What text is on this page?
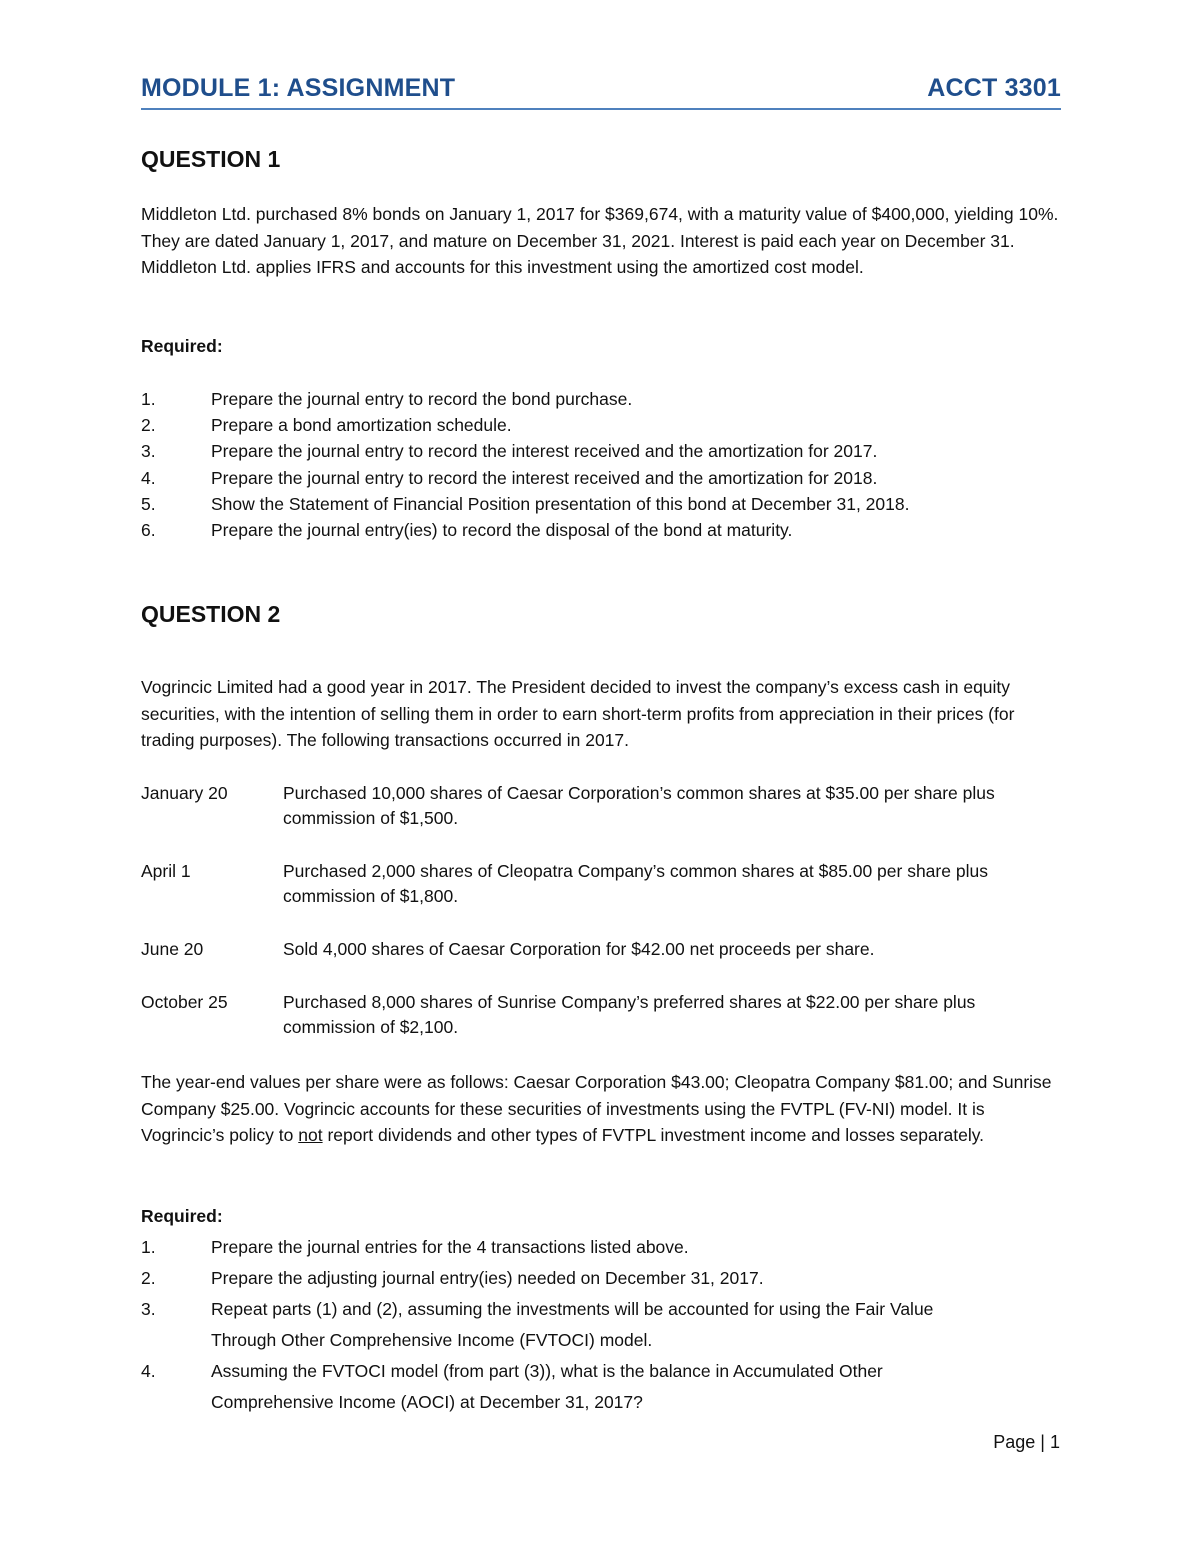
MODULE 1: ASSIGNMENT	ACCT 3301
QUESTION 1
Middleton Ltd. purchased 8% bonds on January 1, 2017 for $369,674, with a maturity value of $400,000, yielding 10%. They are dated January 1, 2017, and mature on December 31, 2021. Interest is paid each year on December 31. Middleton Ltd. applies IFRS and accounts for this investment using the amortized cost model.
Required:
1.	Prepare the journal entry to record the bond purchase.
2.	Prepare a bond amortization schedule.
3.	Prepare the journal entry to record the interest received and the amortization for 2017.
4.	Prepare the journal entry to record the interest received and the amortization for 2018.
5.	Show the Statement of Financial Position presentation of this bond at December 31, 2018.
6.	Prepare the journal entry(ies) to record the disposal of the bond at maturity.
QUESTION 2
Vogrincic Limited had a good year in 2017. The President decided to invest the company’s excess cash in equity securities, with the intention of selling them in order to earn short-term profits from appreciation in their prices (for trading purposes). The following transactions occurred in 2017.
January 20	Purchased 10,000 shares of Caesar Corporation’s common shares at $35.00 per share plus commission of $1,500.
April 1	Purchased 2,000 shares of Cleopatra Company’s common shares at $85.00 per share plus commission of $1,800.
June 20	Sold 4,000 shares of Caesar Corporation for $42.00 net proceeds per share.
October 25	Purchased 8,000 shares of Sunrise Company’s preferred shares at $22.00 per share plus commission of $2,100.
The year-end values per share were as follows: Caesar Corporation $43.00; Cleopatra Company $81.00; and Sunrise Company $25.00. Vogrincic accounts for these securities of investments using the FVTPL (FV-NI) model. It is Vogrincic’s policy to not report dividends and other types of FVTPL investment income and losses separately.
Required:
1.	Prepare the journal entries for the 4 transactions listed above.
2.	Prepare the adjusting journal entry(ies) needed on December 31, 2017.
3.	Repeat parts (1) and (2), assuming the investments will be accounted for using the Fair Value Through Other Comprehensive Income (FVTOCI) model.
4.	Assuming the FVTOCI model (from part (3)), what is the balance in Accumulated Other Comprehensive Income (AOCI) at December 31, 2017?
Page | 1
